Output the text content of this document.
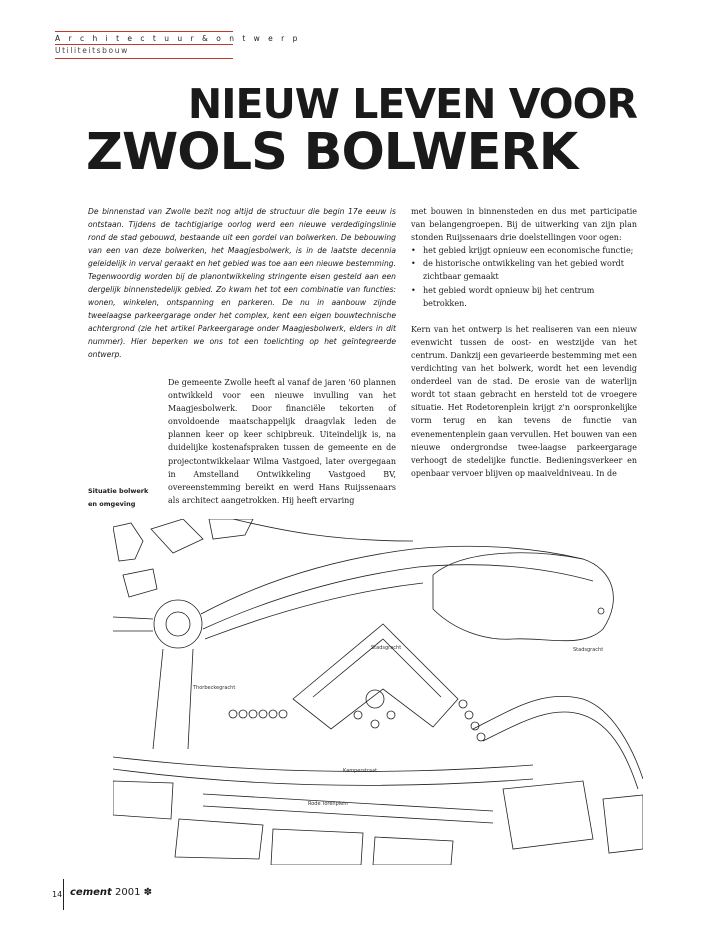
A r c h i t e c t u u r & o n t w e r p
Utiliteitsbouw
NIEUW LEVEN VOOR
ZWOLS BOLWERK

De binnenstad van Zwolle bezit nog altijd de structuur die begin 17e eeuw is ontstaan. Tijdens de tachtigjarige oorlog werd een nieuwe verdedigingslinie rond de stad gebouwd, bestaande uit een gordel van bolwerken. De bebouwing van een van deze bolwerken, het Maagjesbolwerk, is in de laatste decennia geleidelijk in verval geraakt en het gebied was toe aan een nieuwe bestemming. Tegenwoordig worden bij de planontwikkeling stringente eisen gesteld aan een dergelijk binnenstedelijk gebied. Zo kwam het tot een combinatie van functies: wonen, winkelen, ontspanning en parkeren. De nu in aanbouw zijnde tweelaagse parkeergarage onder het complex, kent een eigen bouwtechnische achtergrond (zie het artikel Parkeergarage onder Maagjesbolwerk, elders in dit nummer). Hier beperken we ons tot een toelichting op het geïntegreerde ontwerp.

De gemeente Zwolle heeft al vanaf de jaren '60 plannen ontwikkeld voor een nieuwe invulling van het Maagjesbolwerk. Door financiële tekorten of onvoldoende maatschappelijk draagvlak leden de plannen keer op keer schipbreuk. Uiteindelijk is, na duidelijke kostenafspraken tussen de gemeente en de projectontwikkelaar Wilma Vastgoed, later overgegaan in Amstelland Ontwikkeling Vastgoed BV, overeenstemming bereikt en werd Hans Ruijssenaars als architect aangetrokken. Hij heeft ervaring

met bouwen in binnensteden en dus met participatie van belangengroepen. Bij de uitwerking van zijn plan stonden Ruijssenaars drie doelstellingen voor ogen:

• het gebied krijgt opnieuw een economische functie;
• de historische ontwikkeling van het gebied wordt zichtbaar gemaakt
• het gebied wordt opnieuw bij het centrum betrokken.

Kern van het ontwerp is het realiseren van een nieuw evenwicht tussen de oost- en westzijde van het centrum. Dankzij een gevarieerde bestemming met een verdichting van het bolwerk, wordt het een levendig onderdeel van de stad. De erosie van de waterlijn wordt tot staan gebracht en hersteld tot de vroegere situatie. Het Rodetorenplein krijgt z'n oorspronkelijke vorm terug en kan tevens de functie van evenementenplein gaan vervullen. Het bouwen van een nieuwe ondergrondse twee-laagse parkeergarage verhoogt de stedelijke functie. Bedieningsverkeer en openbaar vervoer blijven op maaiveldniveau. In de

Situatie bolwerk
en omgeving
Stadsgracht	Stadsgracht
Thorbeckegracht
Rode Torenplein
Kamperstraat
14 cement 2001 ✽
